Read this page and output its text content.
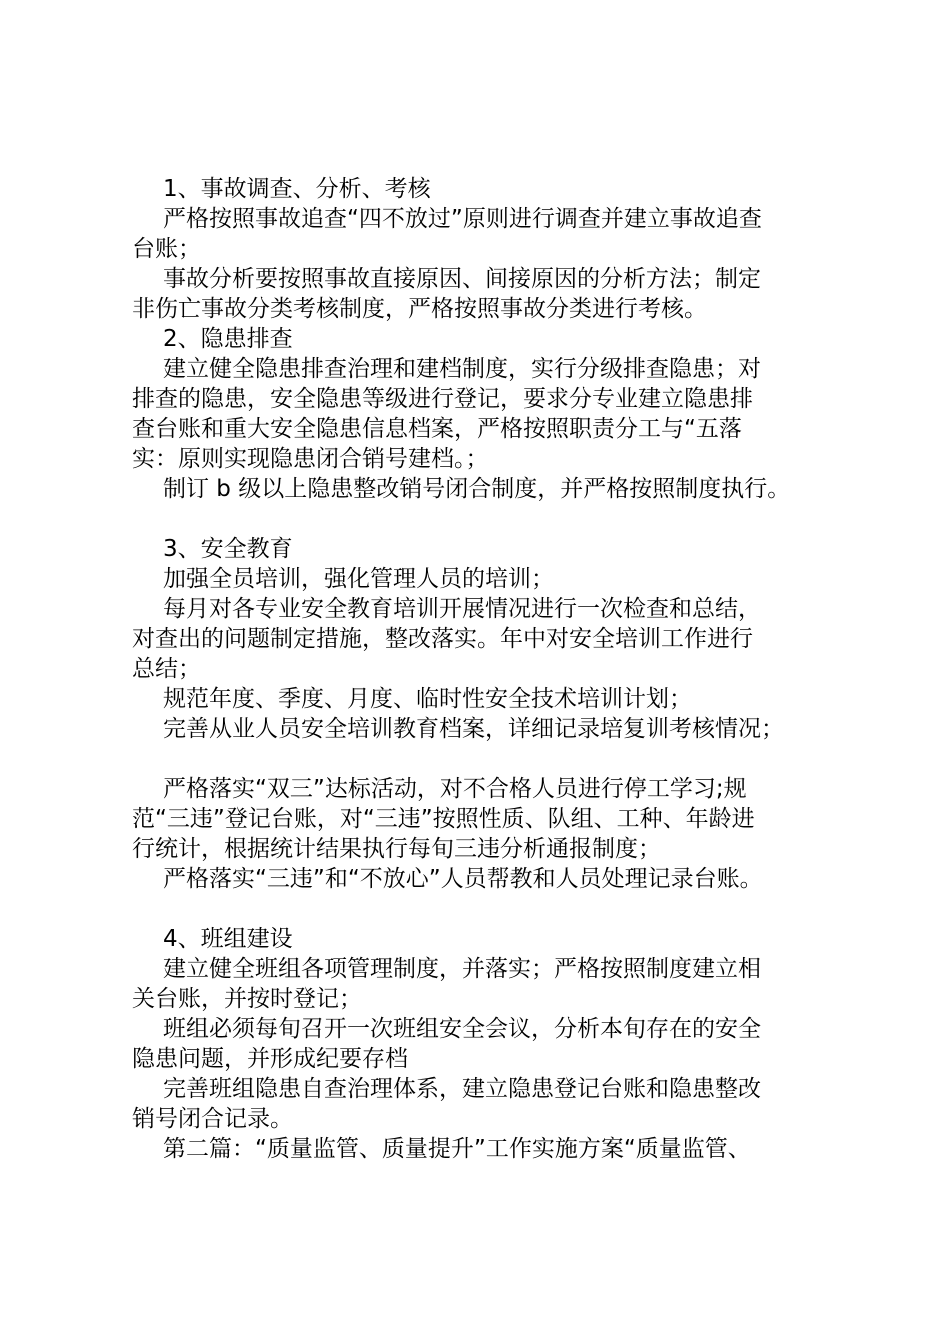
1、事故调查、分析、考核
严格按照事故追查“四不放过”原则进行调查并建立事故追查
台账；
事故分析要按照事故直接原因、间接原因的分析方法；制定
非伤亡事故分类考核制度，严格按照事故分类进行考核。
2、隐患排查
建立健全隐患排查治理和建档制度，实行分级排查隐患；对
排查的隐患，安全隐患等级进行登记，要求分专业建立隐患排
查台账和重大安全隐患信息档案，严格按照职责分工与“五落
实：原则实现隐患闭合销号建档。；
制订 b 级以上隐患整改销号闭合制度，并严格按照制度执行。
3、安全教育
加强全员培训，强化管理人员的培训；
每月对各专业安全教育培训开展情况进行一次检查和总结，
对查出的问题制定措施，整改落实。年中对安全培训工作进行
总结；
规范年度、季度、月度、临时性安全技术培训计划；
完善从业人员安全培训教育档案，详细记录培复训考核情况；
严格落实“双三”达标活动，对不合格人员进行停工学习;规
范“三违”登记台账，对“三违”按照性质、队组、工种、年龄进
行统计，根据统计结果执行每旬三违分析通报制度；
严格落实“三违”和“不放心”人员帮教和人员处理记录台账。
4、班组建设
建立健全班组各项管理制度，并落实；严格按照制度建立相
关台账，并按时登记；
班组必须每旬召开一次班组安全会议，分析本旬存在的安全
隐患问题，并形成纪要存档
完善班组隐患自查治理体系，建立隐患登记台账和隐患整改
销号闭合记录。
第二篇：“质量监管、质量提升”工作实施方案“质量监管、
